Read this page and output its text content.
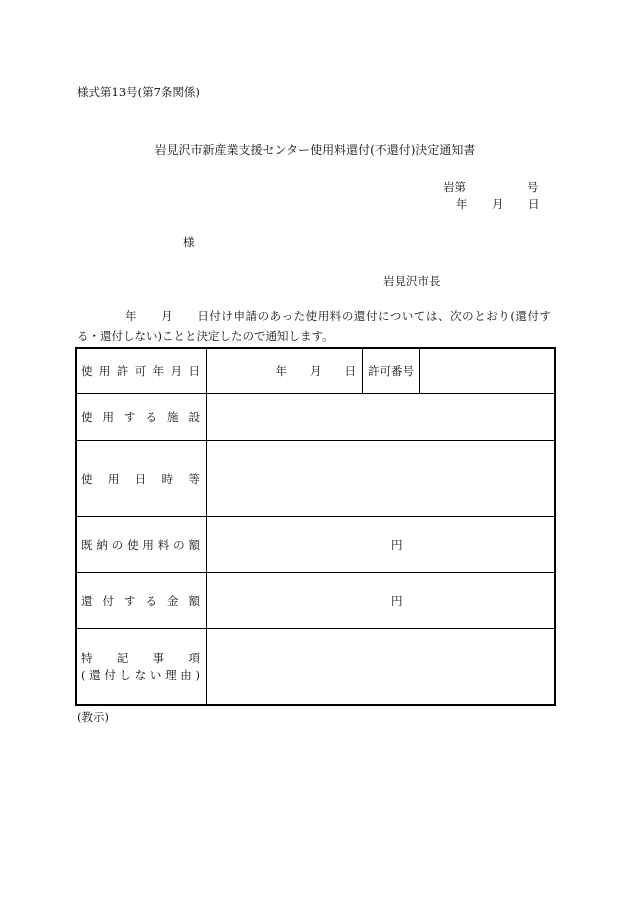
様式第13号(第7条関係)
岩見沢市新産業支援センター使用料還付(不還付)決定通知書
岩第	号
年 月 日
様
岩見沢市長
年　　月　　日付け申請のあった使用料の還付については、次のとおり(還付す
る・還付しない)ことと決定したので通知します。
使 用 許 可 年 月 日	年　　月　　日 許可番号
使 用 す る 施 設
使 用 日 時 等
既 納 の 使 用 料 の 額	円
還 付 す る 金 額	円
特 記 事 項
(還付しない理由)
(教示)
